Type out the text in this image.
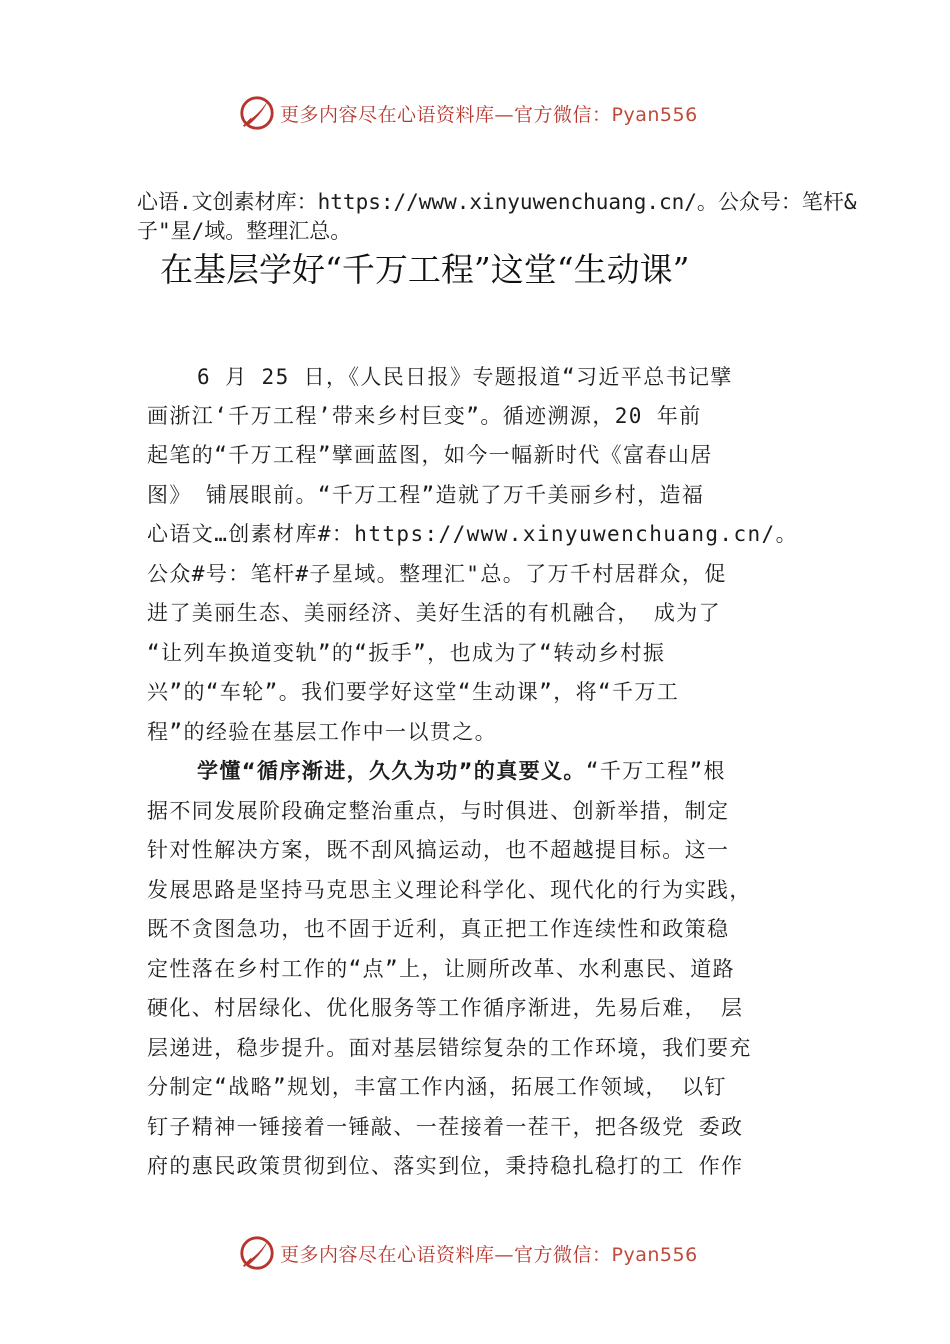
更多内容尽在心语资料库—官方微信：Pyan556
心语.文创素材库：https://www.xinyuwenchuang.cn/。公众号：笔杆&子"星/域。整理汇总。
在基层学好“千万工程”这堂“生动课”
6 月 25 日，《人民日报》专题报道“习近平总书记擘
画浙江‘千万工程’带来乡村巨变”。循迹溯源，20 年前
起笔的“千万工程”擘画蓝图，如今一幅新时代《富春山居
图》 铺展眼前。“千万工程”造就了万千美丽乡村，造福
心语文…创素材库#：https://www.xinyuwenchuang.cn/。
公众#号：笔杆#子星域。整理汇"总。了万千村居群众，促
进了美丽生态、美丽经济、美好生活的有机融合， 成为了
“让列车换道变轨”的“扳手”，也成为了“转动乡村振
兴”的“车轮”。我们要学好这堂“生动课”，将“千万工
程”的经验在基层工作中一以贯之。
学懂“循序渐进，久久为功”的真要义。“千万工程”根
据不同发展阶段确定整治重点，与时俱进、创新举措，制定
针对性解决方案，既不刮风搞运动，也不超越提目标。这一
发展思路是坚持马克思主义理论科学化、现代化的行为实践，
既不贪图急功，也不固于近利，真正把工作连续性和政策稳
定性落在乡村工作的“点”上，让厕所改革、水利惠民、道路
硬化、村居绿化、优化服务等工作循序渐进，先易后难， 层
层递进，稳步提升。面对基层错综复杂的工作环境，我们要充
分制定“战略”规划，丰富工作内涵，拓展工作领域， 以钉
钉子精神一锤接着一锤敲、一茬接着一茬干，把各级党 委政
府的惠民政策贯彻到位、落实到位，秉持稳扎稳打的工 作作
更多内容尽在心语资料库—官方微信：Pyan556
